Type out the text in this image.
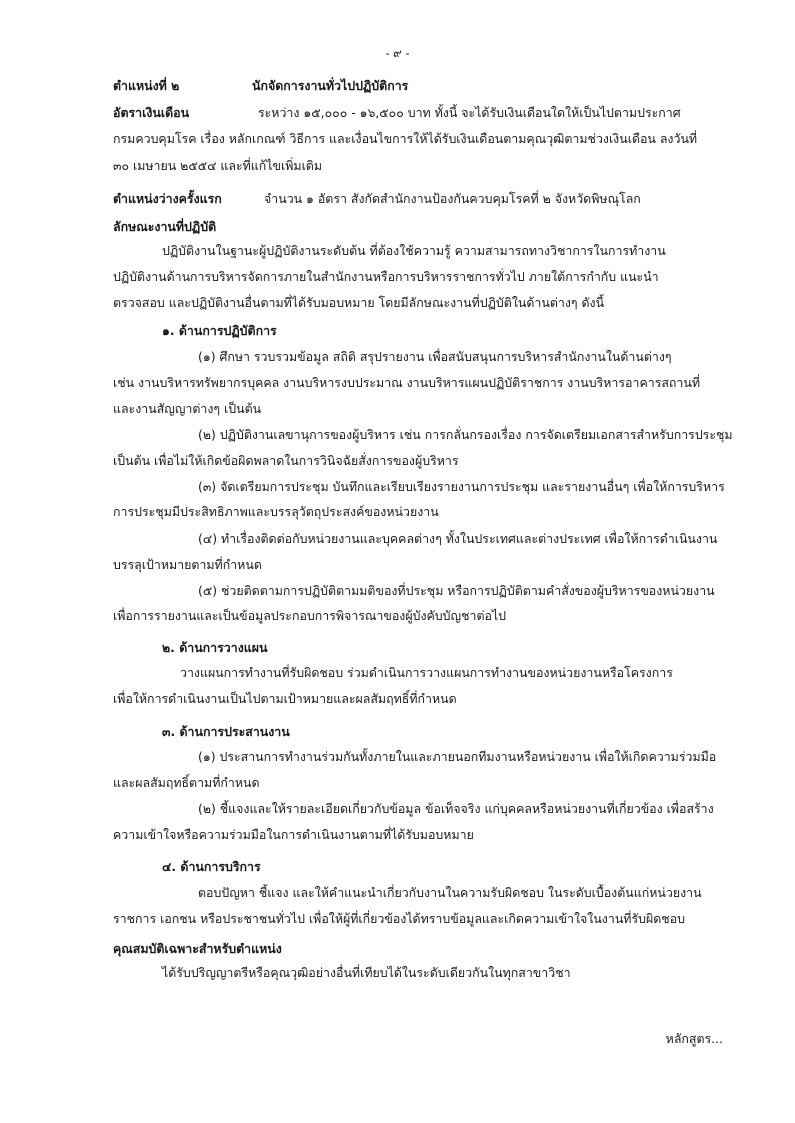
- ๙ -
ตำแหน่งที่ ๒	นักจัดการงานทั่วไปปฏิบัติการ
อัตราเงินเดือน	ระหว่าง ๑๕,๐๐๐ - ๑๖,๕๐๐ บาท ทั้งนี้ จะได้รับเงินเดือนใดให้เป็นไปตามประกาศ
กรมควบคุมโรค เรื่อง หลักเกณฑ์ วิธีการ และเงื่อนไขการให้ได้รับเงินเดือนตามคุณวุฒิตามช่วงเงินเดือน ลงวันที่
๓๐ เมษายน ๒๕๕๔ และที่แก้ไขเพิ่มเติม
ตำแหน่งว่างครั้งแรก	จำนวน ๑ อัตรา สังกัดสำนักงานป้องกันควบคุมโรคที่ ๒ จังหวัดพิษณุโลก
ลักษณะงานที่ปฏิบัติ
ปฏิบัติงานในฐานะผู้ปฏิบัติงานระดับต้น ที่ต้องใช้ความรู้ ความสามารถทางวิชาการในการทำงาน
ปฏิบัติงานด้านการบริหารจัดการภายในสำนักงานหรือการบริหารราชการทั่วไป ภายใต้การกำกับ แนะนำ
ตรวจสอบ และปฏิบัติงานอื่นตามที่ได้รับมอบหมาย โดยมีลักษณะงานที่ปฏิบัติในด้านต่างๆ ดังนี้
๑. ด้านการปฏิบัติการ
(๑) ศึกษา รวบรวมข้อมูล สถิติ สรุปรายงาน เพื่อสนับสนุนการบริหารสำนักงานในด้านต่างๆ
เช่น งานบริหารทรัพยากรบุคคล งานบริหารงบประมาณ งานบริหารแผนปฏิบัติราชการ งานบริหารอาคารสถานที่
และงานสัญญาต่างๆ เป็นต้น
(๒) ปฏิบัติงานเลขานุการของผู้บริหาร เช่น การกลั่นกรองเรื่อง การจัดเตรียมเอกสารสำหรับการประชุม
เป็นต้น เพื่อไม่ให้เกิดข้อผิดพลาดในการวินิจฉัยสั่งการของผู้บริหาร
(๓) จัดเตรียมการประชุม บันทึกและเรียบเรียงรายงานการประชุม และรายงานอื่นๆ เพื่อให้การบริหาร
การประชุมมีประสิทธิภาพและบรรลุวัตถุประสงค์ของหน่วยงาน
(๔) ทำเรื่องติดต่อกับหน่วยงานและบุคคลต่างๆ ทั้งในประเทศและต่างประเทศ เพื่อให้การดำเนินงาน
บรรลุเป้าหมายตามที่กำหนด
(๕) ช่วยติดตามการปฏิบัติตามมติของที่ประชุม หรือการปฏิบัติตามคำสั่งของผู้บริหารของหน่วยงาน
เพื่อการรายงานและเป็นข้อมูลประกอบการพิจารณาของผู้บังคับบัญชาต่อไป
๒. ด้านการวางแผน
วางแผนการทำงานที่รับผิดชอบ ร่วมดำเนินการวางแผนการทำงานของหน่วยงานหรือโครงการ
เพื่อให้การดำเนินงานเป็นไปตามเป้าหมายและผลสัมฤทธิ์ที่กำหนด
๓. ด้านการประสานงาน
(๑) ประสานการทำงานร่วมกันทั้งภายในและภายนอกทีมงานหรือหน่วยงาน เพื่อให้เกิดความร่วมมือ
และผลสัมฤทธิ์ตามที่กำหนด
(๒) ชี้แจงและให้รายละเอียดเกี่ยวกับข้อมูล ข้อเท็จจริง แก่บุคคลหรือหน่วยงานที่เกี่ยวข้อง เพื่อสร้าง
ความเข้าใจหรือความร่วมมือในการดำเนินงานตามที่ได้รับมอบหมาย
๔. ด้านการบริการ
ตอบปัญหา ชี้แจง และให้คำแนะนำเกี่ยวกับงานในความรับผิดชอบ ในระดับเบื้องต้นแก่หน่วยงาน
ราชการ เอกชน หรือประชาชนทั่วไป เพื่อให้ผู้ที่เกี่ยวข้องได้ทราบข้อมูลและเกิดความเข้าใจในงานที่รับผิดชอบ
คุณสมบัติเฉพาะสำหรับตำแหน่ง
ได้รับปริญญาตรีหรือคุณวุฒิอย่างอื่นที่เทียบได้ในระดับเดียวกันในทุกสาขาวิชา
หลักสูตร...
